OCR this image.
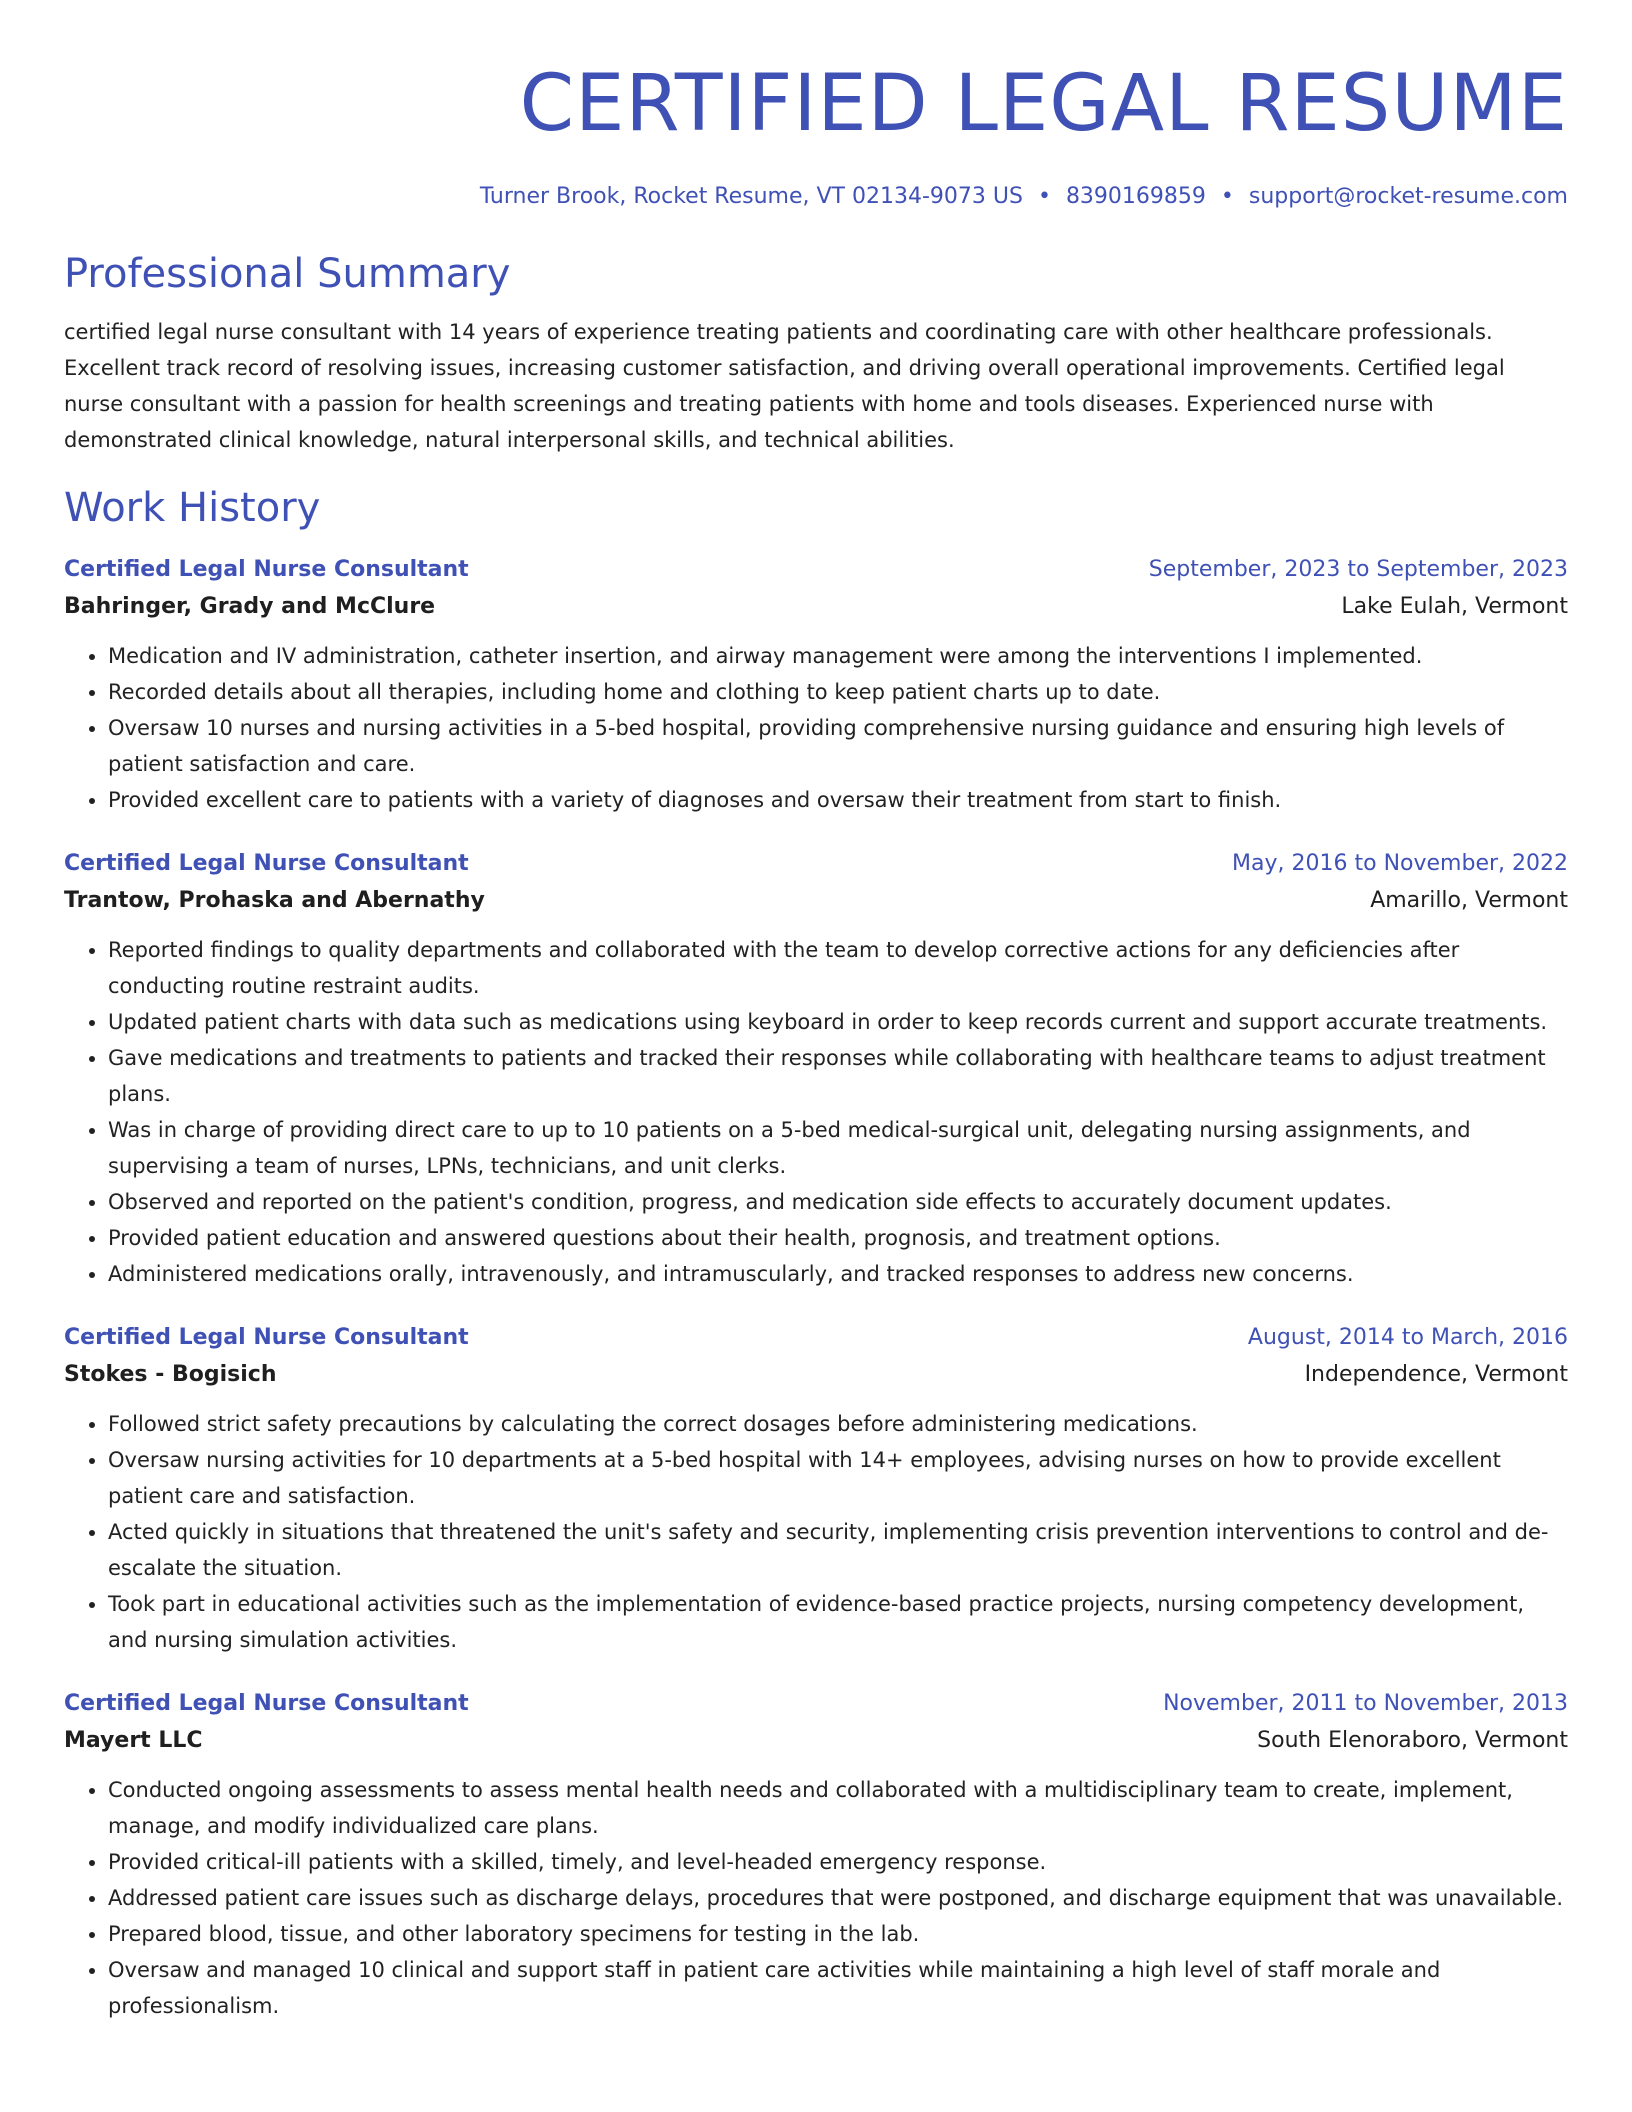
CERTIFIED LEGAL RESUME
Turner Brook, Rocket Resume, VT 02134-9073 US • 8390169859 • support@rocket-resume.com
Professional Summary
certified legal nurse consultant with 14 years of experience treating patients and coordinating care with other healthcare professionals. Excellent track record of resolving issues, increasing customer satisfaction, and driving overall operational improvements. Certified legal nurse consultant with a passion for health screenings and treating patients with home and tools diseases. Experienced nurse with demonstrated clinical knowledge, natural interpersonal skills, and technical abilities.
Work History
Certified Legal Nurse Consultant	September, 2023 to September, 2023
Bahringer, Grady and McClure	Lake Eulah, Vermont
• Medication and IV administration, catheter insertion, and airway management were among the interventions I implemented.
• Recorded details about all therapies, including home and clothing to keep patient charts up to date.
• Oversaw 10 nurses and nursing activities in a 5-bed hospital, providing comprehensive nursing guidance and ensuring high levels of patient satisfaction and care.
• Provided excellent care to patients with a variety of diagnoses and oversaw their treatment from start to finish.
Certified Legal Nurse Consultant	May, 2016 to November, 2022
Trantow, Prohaska and Abernathy	Amarillo, Vermont
• Reported findings to quality departments and collaborated with the team to develop corrective actions for any deficiencies after conducting routine restraint audits.
• Updated patient charts with data such as medications using keyboard in order to keep records current and support accurate treatments.
• Gave medications and treatments to patients and tracked their responses while collaborating with healthcare teams to adjust treatment plans.
• Was in charge of providing direct care to up to 10 patients on a 5-bed medical-surgical unit, delegating nursing assignments, and supervising a team of nurses, LPNs, technicians, and unit clerks.
• Observed and reported on the patient's condition, progress, and medication side effects to accurately document updates.
• Provided patient education and answered questions about their health, prognosis, and treatment options.
• Administered medications orally, intravenously, and intramuscularly, and tracked responses to address new concerns.
Certified Legal Nurse Consultant	August, 2014 to March, 2016
Stokes - Bogisich	Independence, Vermont
• Followed strict safety precautions by calculating the correct dosages before administering medications.
• Oversaw nursing activities for 10 departments at a 5-bed hospital with 14+ employees, advising nurses on how to provide excellent patient care and satisfaction.
• Acted quickly in situations that threatened the unit's safety and security, implementing crisis prevention interventions to control and de-escalate the situation.
• Took part in educational activities such as the implementation of evidence-based practice projects, nursing competency development, and nursing simulation activities.
Certified Legal Nurse Consultant	November, 2011 to November, 2013
Mayert LLC	South Elenoraboro, Vermont
• Conducted ongoing assessments to assess mental health needs and collaborated with a multidisciplinary team to create, implement, manage, and modify individualized care plans.
• Provided critical-ill patients with a skilled, timely, and level-headed emergency response.
• Addressed patient care issues such as discharge delays, procedures that were postponed, and discharge equipment that was unavailable.
• Prepared blood, tissue, and other laboratory specimens for testing in the lab.
• Oversaw and managed 10 clinical and support staff in patient care activities while maintaining a high level of staff morale and professionalism.
